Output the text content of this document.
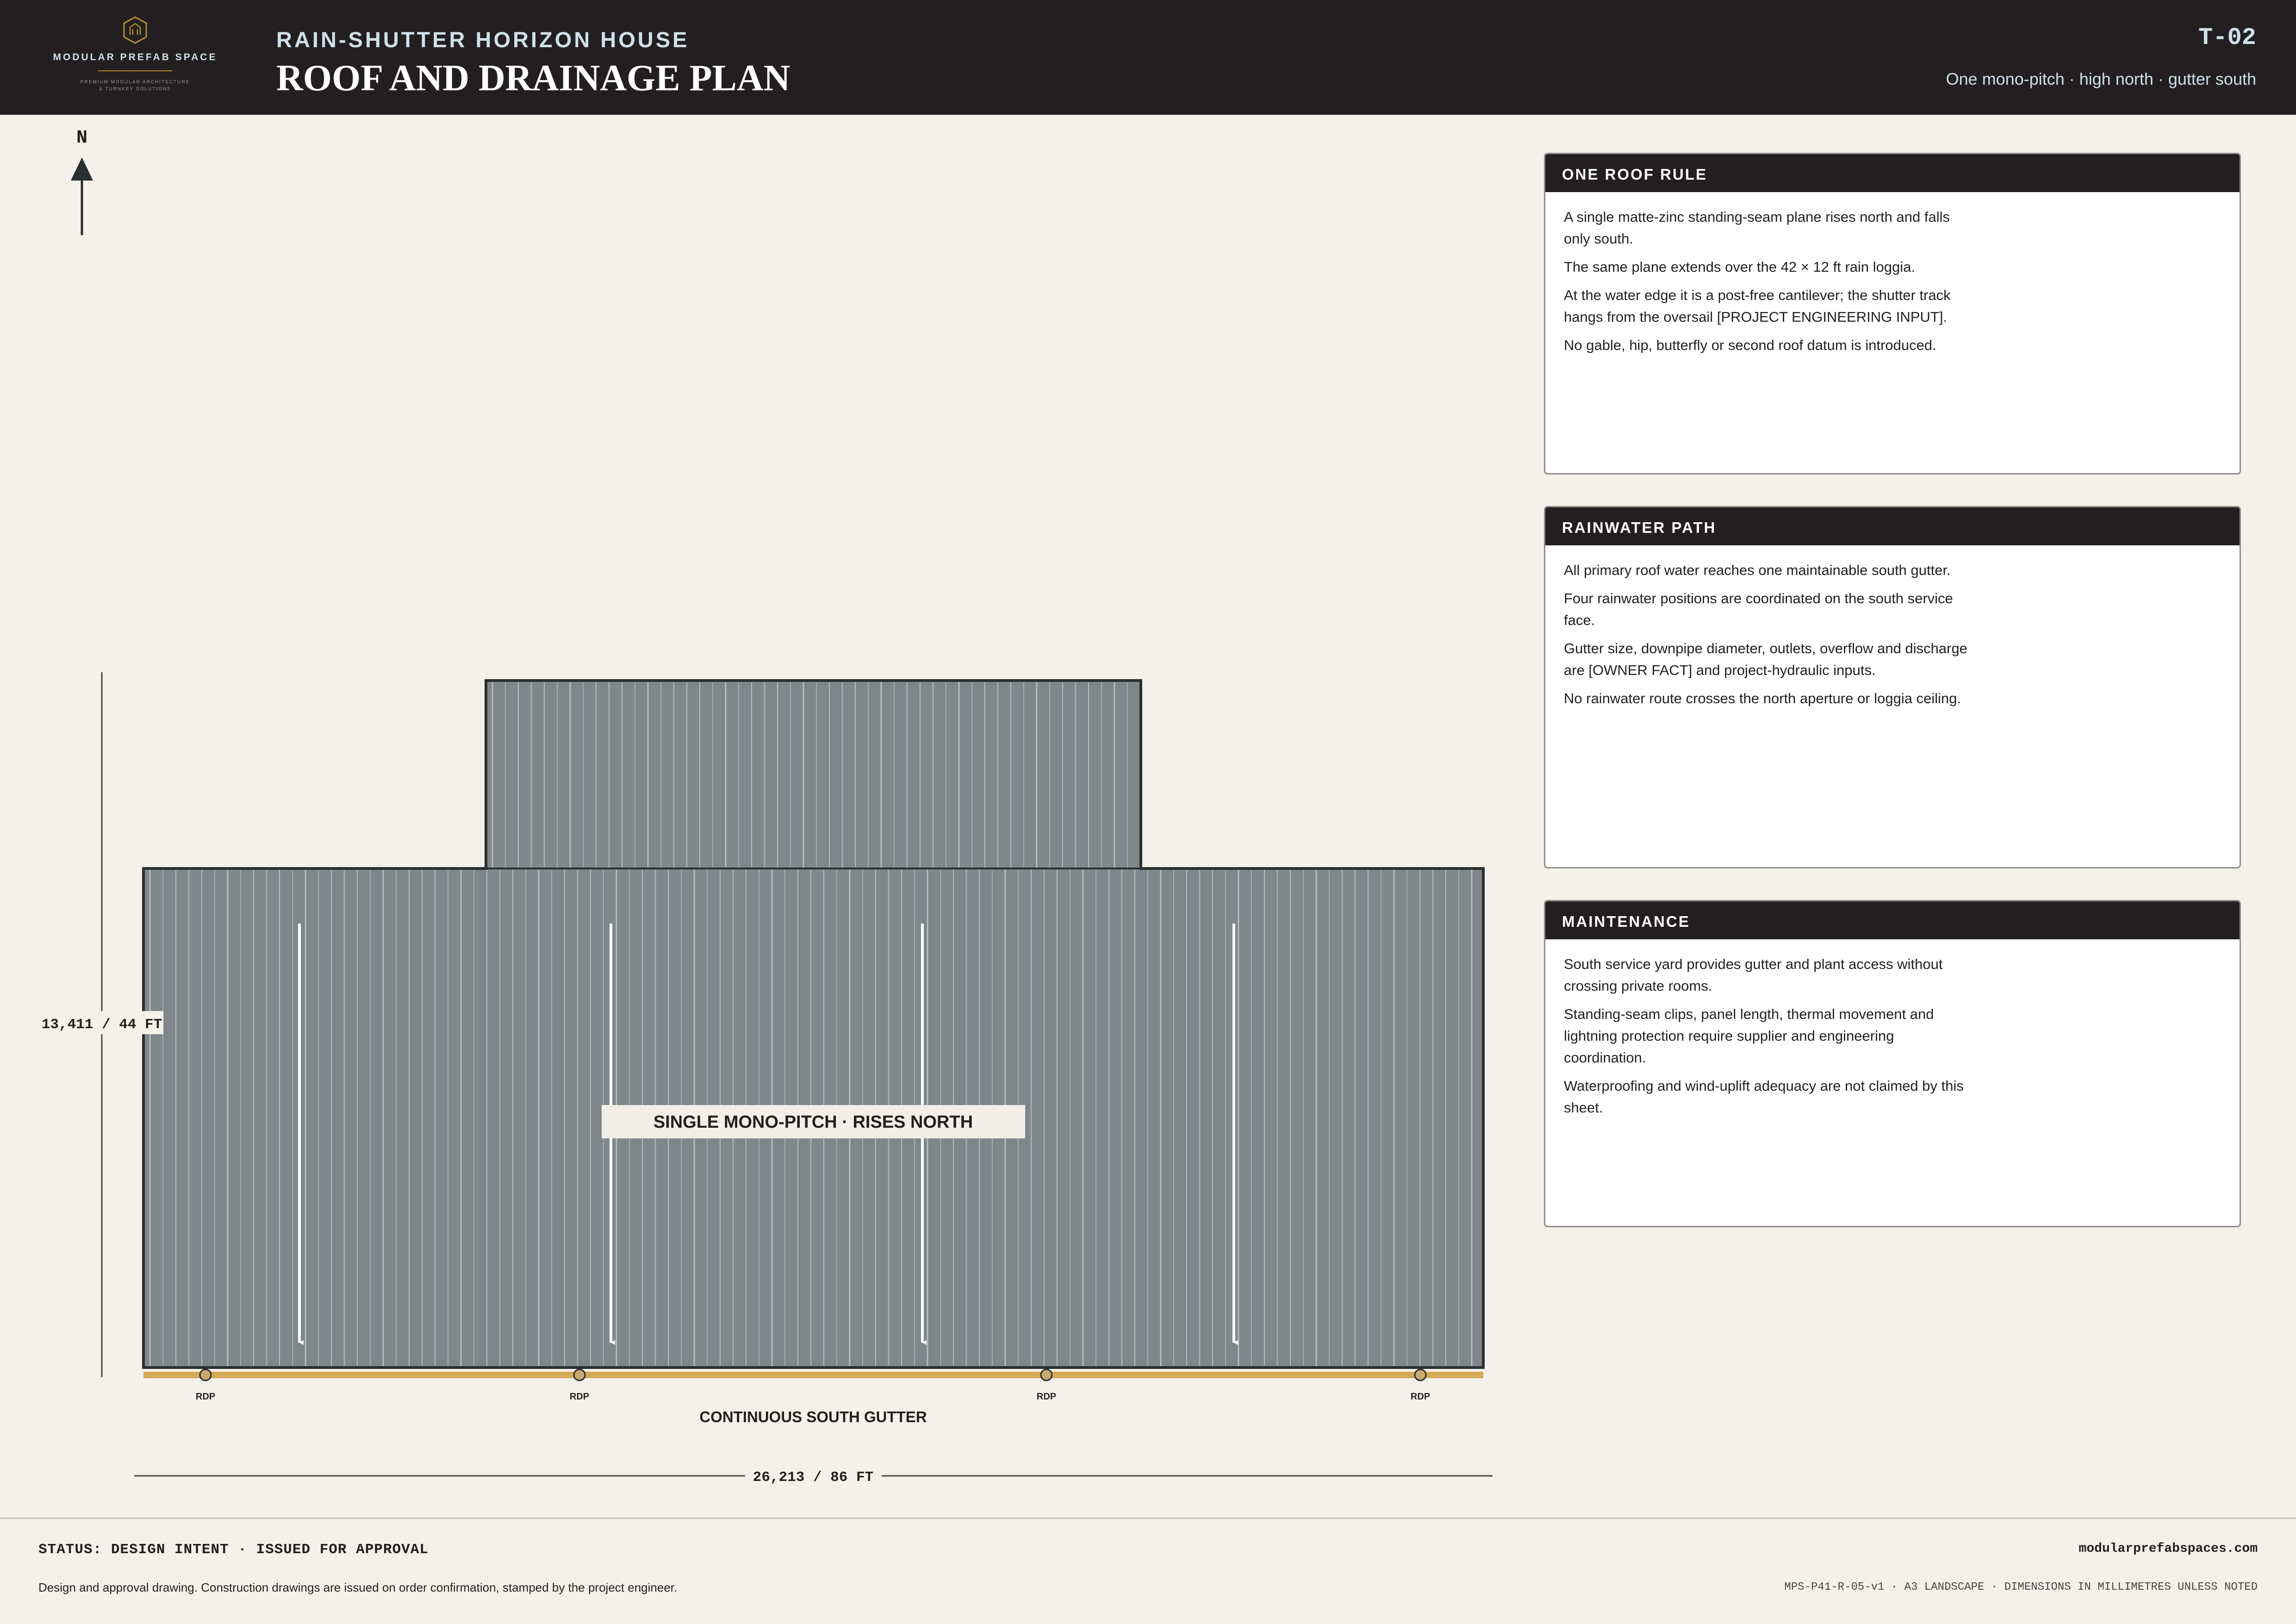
MODULAR PREFAB SPACE
PREMIUM MODULAR ARCHITECTURE
& TURNKEY SOLUTIONS
RAIN-SHUTTER HORIZON HOUSE
ROOF AND DRAINAGE PLAN
T-02
One mono-pitch · high north · gutter south
N
SINGLE MONO-PITCH · RISES NORTH
RDP	RDP	RDP	RDP
CONTINUOUS SOUTH GUTTER
13,411 / 44 FT
26,213 / 86 FT
ONE ROOF RULE

A single matte-zinc standing-seam plane rises north and falls only south.

The same plane extends over the 42 × 12 ft rain loggia.

At the water edge it is a post-free cantilever; the shutter track hangs from the oversail [PROJECT ENGINEERING INPUT].

No gable, hip, butterfly or second roof datum is introduced.

RAINWATER PATH

All primary roof water reaches one maintainable south gutter.

Four rainwater positions are coordinated on the south service face.

Gutter size, downpipe diameter, outlets, overflow and discharge are [OWNER FACT] and project-hydraulic inputs.

No rainwater route crosses the north aperture or loggia ceiling.

MAINTENANCE

South service yard provides gutter and plant access without crossing private rooms.

Standing-seam clips, panel length, thermal movement and lightning protection require supplier and engineering coordination.

Waterproofing and wind-uplift adequacy are not claimed by this sheet.

STATUS: DESIGN INTENT · ISSUED FOR APPROVAL
Design and approval drawing. Construction drawings are issued on order confirmation, stamped by the project engineer.
modularprefabspaces.com
MPS-P41-R-05-v1 · A3 LANDSCAPE · DIMENSIONS IN MILLIMETRES UNLESS NOTED
